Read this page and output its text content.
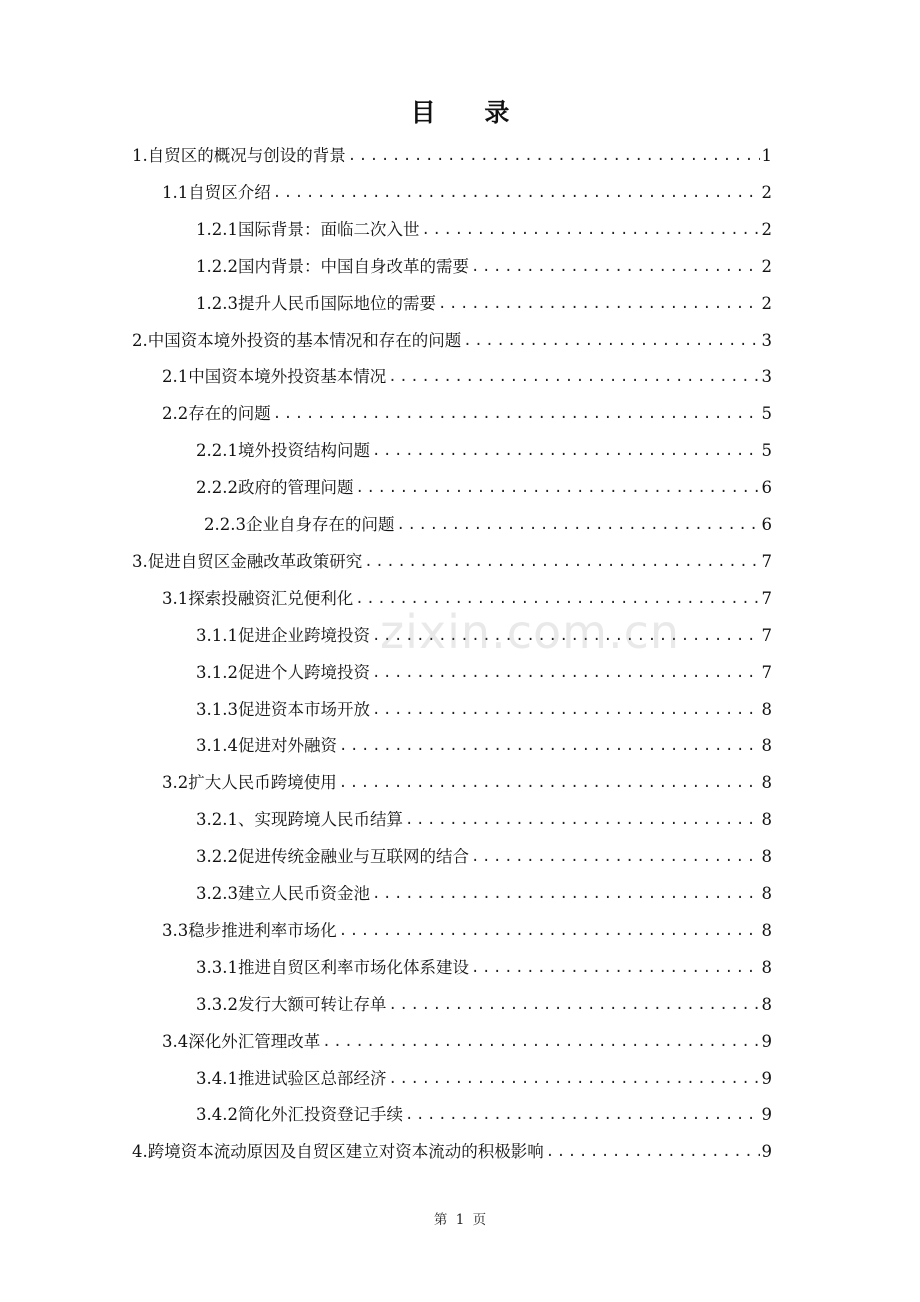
目 录
1. 自贸区的概况与创设的背景 .....	1
1.1 自贸区介绍 .....	2
1.2.1 国际背景：面临二次入世 .....	2
1.2.2 国内背景：中国自身改革的需要 .....	2
1.2.3 提升人民币国际地位的需要 .....	2
2. 中国资本境外投资的基本情况和存在的问题 .....	3
2.1 中国资本境外投资基本情况 .....	3
2.2 存在的问题 .....	5
2.2.1 境外投资结构问题 .....	5
2.2.2 政府的管理问题 .....	6
2.2.3 企业自身存在的问题 .....	6
3. 促进自贸区金融改革政策研究 .....	7
3.1 探索投融资汇兑便利化 .....	7
3.1.1 促进企业跨境投资 .....	7
3.1.2 促进个人跨境投资 .....	7
3.1.3 促进资本市场开放 .....	8
3.1.4 促进对外融资 .....	8
3.2 扩大人民币跨境使用 .....	8
3.2.1、 实现跨境人民币结算 .....	8
3.2.2 促进传统金融业与互联网的结合 .....	8
3.2.3 建立人民币资金池 .....	8
3.3 稳步推进利率市场化 .....	8
3.3.1 推进自贸区利率市场化体系建设 .....	8
3.3.2 发行大额可转让存单 .....	8
3.4 深化外汇管理改革 .....	9
3.4.1 推进试验区总部经济 .....	9
3.4.2 简化外汇投资登记手续 .....	9
4. 跨境资本流动原因及自贸区建立对资本流动的积极影响 .....	9
zixin.com.cn
第 1 页
